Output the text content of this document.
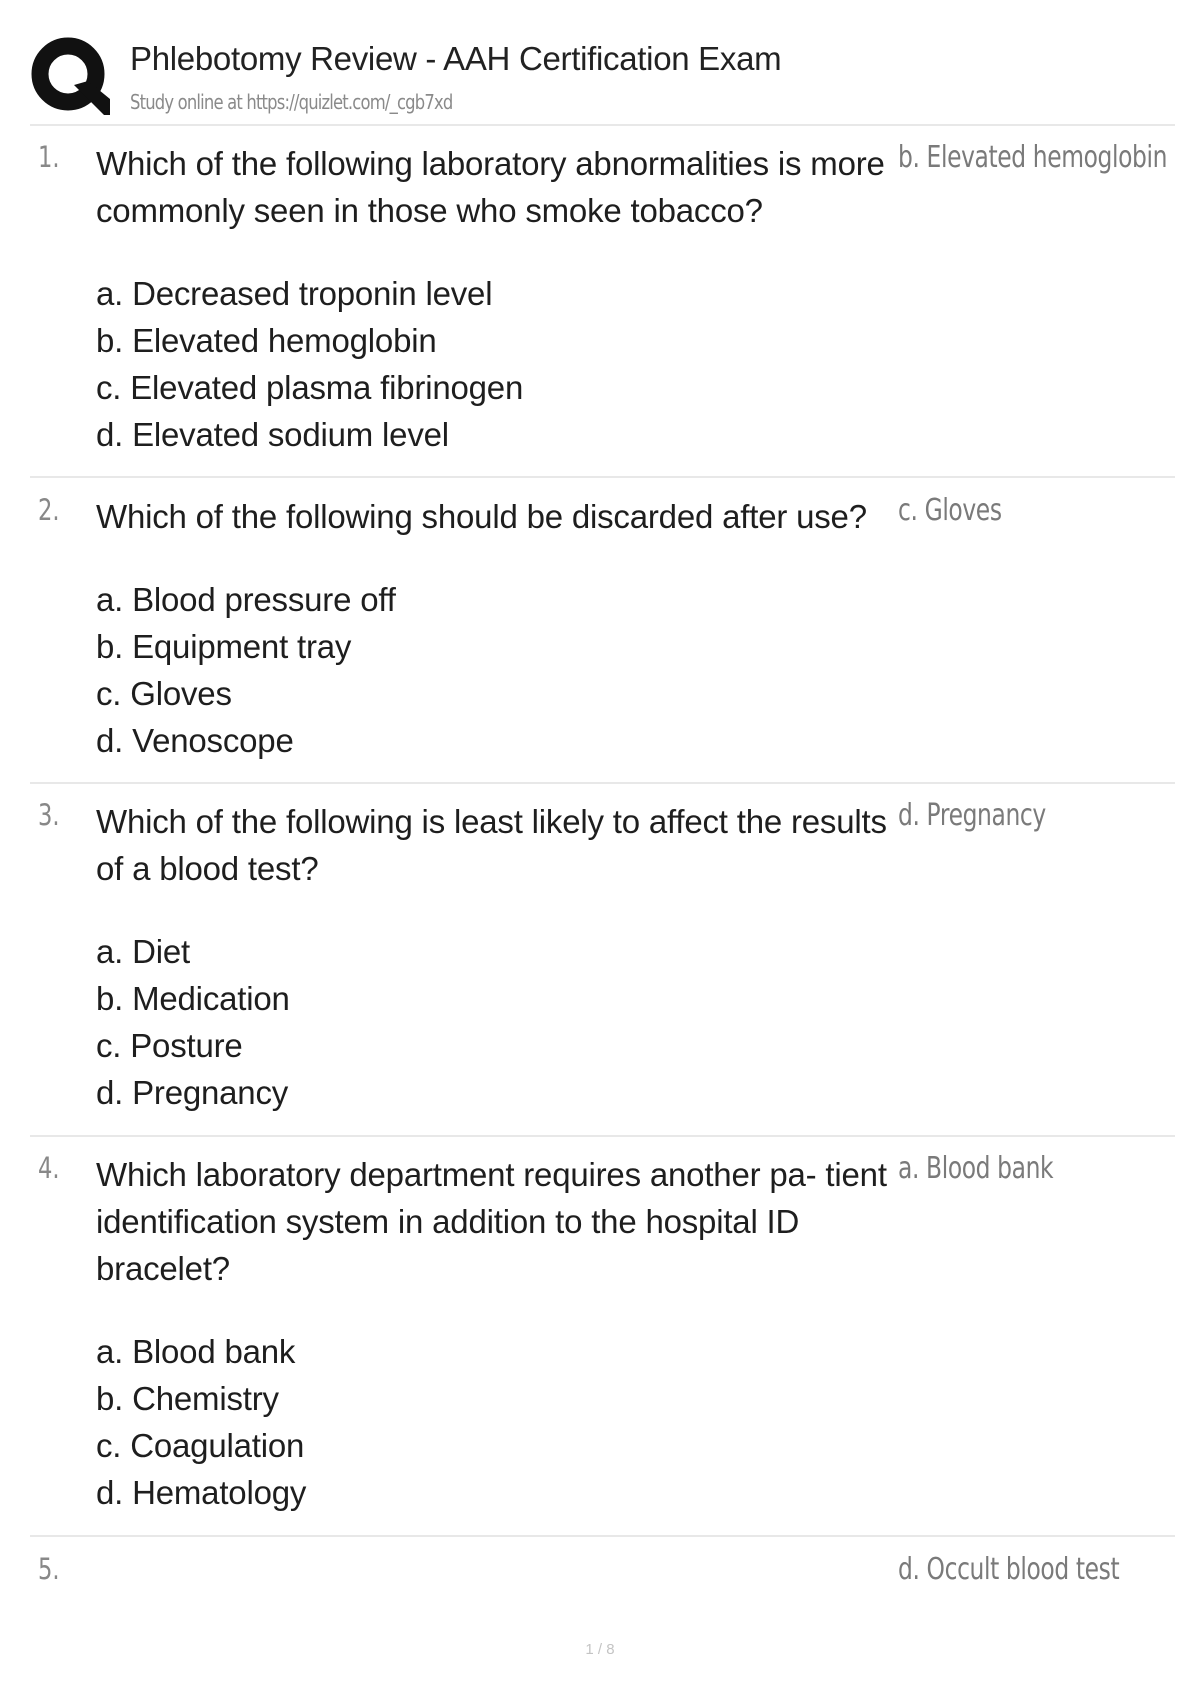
Phlebotomy Review - AAH Certification Exam
Study online at https://quizlet.com/_cgb7xd
1. Which of the following laboratory abnormalities is more commonly seen in those who smoke tobacco?
b. Elevated hemoglobin
a. Decreased troponin level
b. Elevated hemoglobin
c. Elevated plasma fibrinogen
d. Elevated sodium level
2. Which of the following should be discarded after use?	c. Gloves
a. Blood pressure off
b. Equipment tray
c. Gloves
d. Venoscope
3. Which of the following is least likely to affect the results of a blood test?
d. Pregnancy
a. Diet
b. Medication
c. Posture
d. Pregnancy
4. Which laboratory department requires another pa- tient identification system in addition to the hospital ID bracelet?
a. Blood bank
a. Blood bank
b. Chemistry
c. Coagulation
d. Hematology
5.	d. Occult blood test
1 / 8
